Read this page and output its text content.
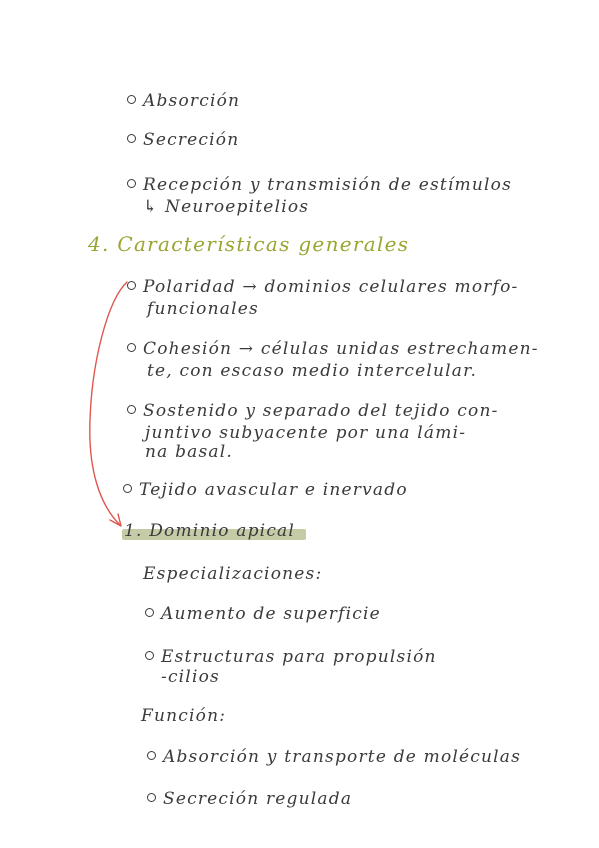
Absorción
Secreción
Recepción y transmisión de estímulos
↳ Neuroepitelios
4. Características generales
Polaridad → dominios celulares morfo-
funcionales
Cohesión → células unidas estrechamen-
te, con escaso medio intercelular.
Sostenido y separado del tejido con-
juntivo subyacente por una lámi-
na basal.
Tejido avascular e inervado
1. Dominio apical
Especializaciones:
Aumento de superficie
Estructuras para propulsión
-cilios
Función:
Absorción y transporte de moléculas
Secreción regulada
